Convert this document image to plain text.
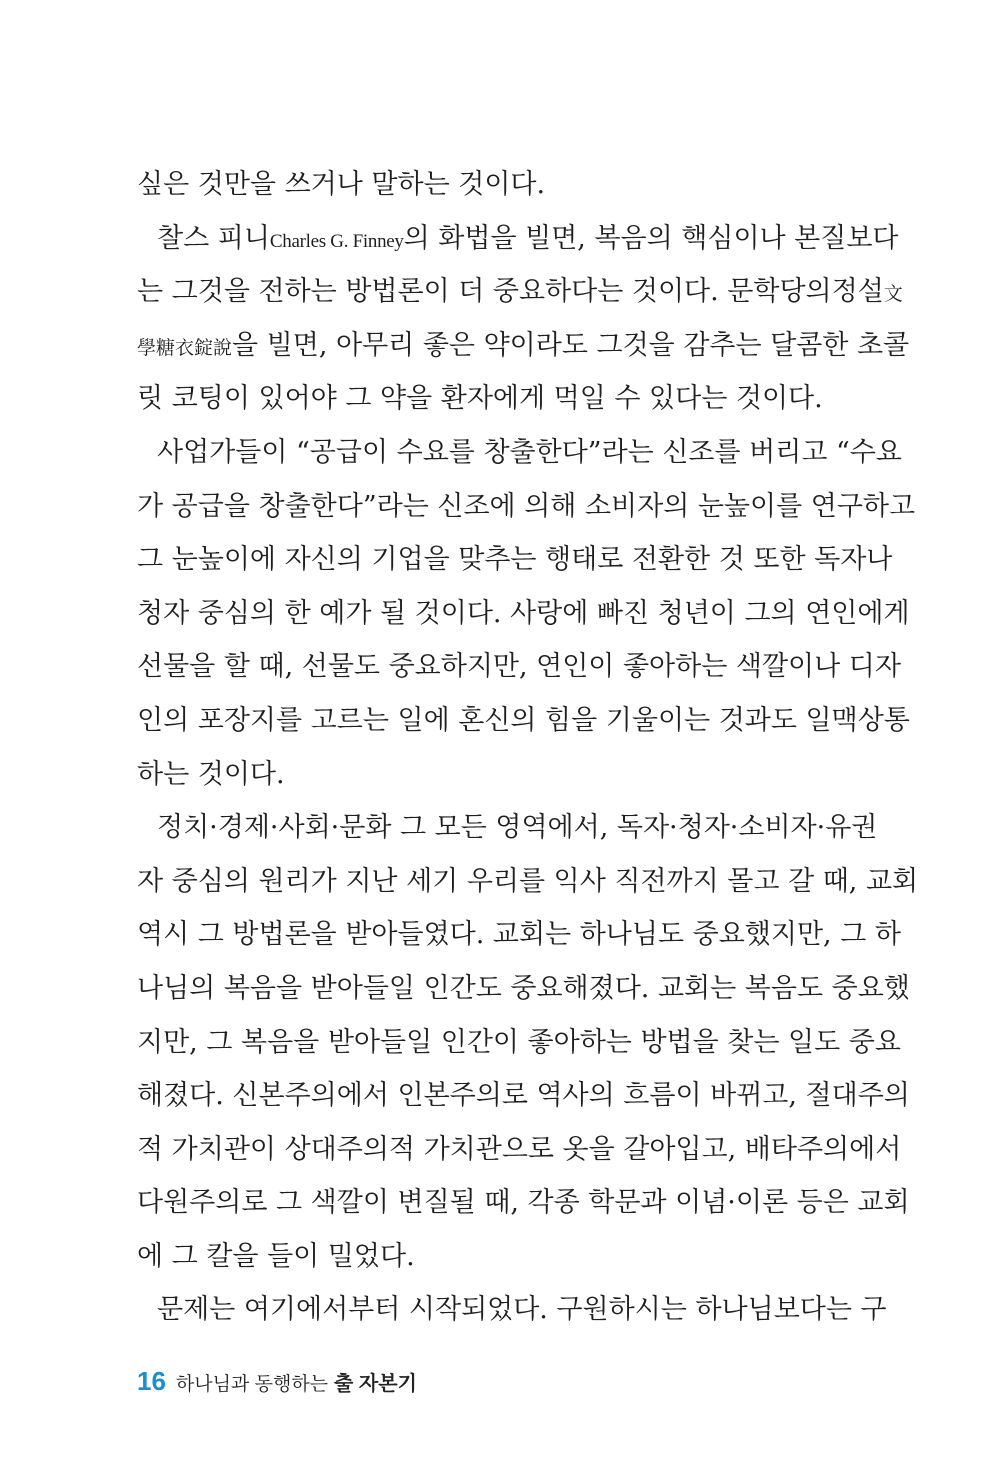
싶은 것만을 쓰거나 말하는 것이다.
찰스 피니Charles G. Finney의 화법을 빌면, 복음의 핵심이나 본질보다
는 그것을 전하는 방법론이 더 중요하다는 것이다. 문학당의정설文
學糖衣錠說을 빌면, 아무리 좋은 약이라도 그것을 감추는 달콤한 초콜
릿 코팅이 있어야 그 약을 환자에게 먹일 수 있다는 것이다.
사업가들이 “공급이 수요를 창출한다”라는 신조를 버리고 “수요
가 공급을 창출한다”라는 신조에 의해 소비자의 눈높이를 연구하고
그 눈높이에 자신의 기업을 맞추는 행태로 전환한 것 또한 독자나
청자 중심의 한 예가 될 것이다. 사랑에 빠진 청년이 그의 연인에게
선물을 할 때, 선물도 중요하지만, 연인이 좋아하는 색깔이나 디자
인의 포장지를 고르는 일에 혼신의 힘을 기울이는 것과도 일맥상통
하는 것이다.
정치·경제·사회·문화 그 모든 영역에서, 독자·청자·소비자·유권
자 중심의 원리가 지난 세기 우리를 익사 직전까지 몰고 갈 때, 교회
역시 그 방법론을 받아들였다. 교회는 하나님도 중요했지만, 그 하
나님의 복음을 받아들일 인간도 중요해졌다. 교회는 복음도 중요했
지만, 그 복음을 받아들일 인간이 좋아하는 방법을 찾는 일도 중요
해졌다. 신본주의에서 인본주의로 역사의 흐름이 바뀌고, 절대주의
적 가치관이 상대주의적 가치관으로 옷을 갈아입고, 배타주의에서
다원주의로 그 색깔이 변질될 때, 각종 학문과 이념·이론 등은 교회
에 그 칼을 들이 밀었다.
문제는 여기에서부터 시작되었다. 구원하시는 하나님보다는 구
16 하나님과 동행하는 출 자본기
